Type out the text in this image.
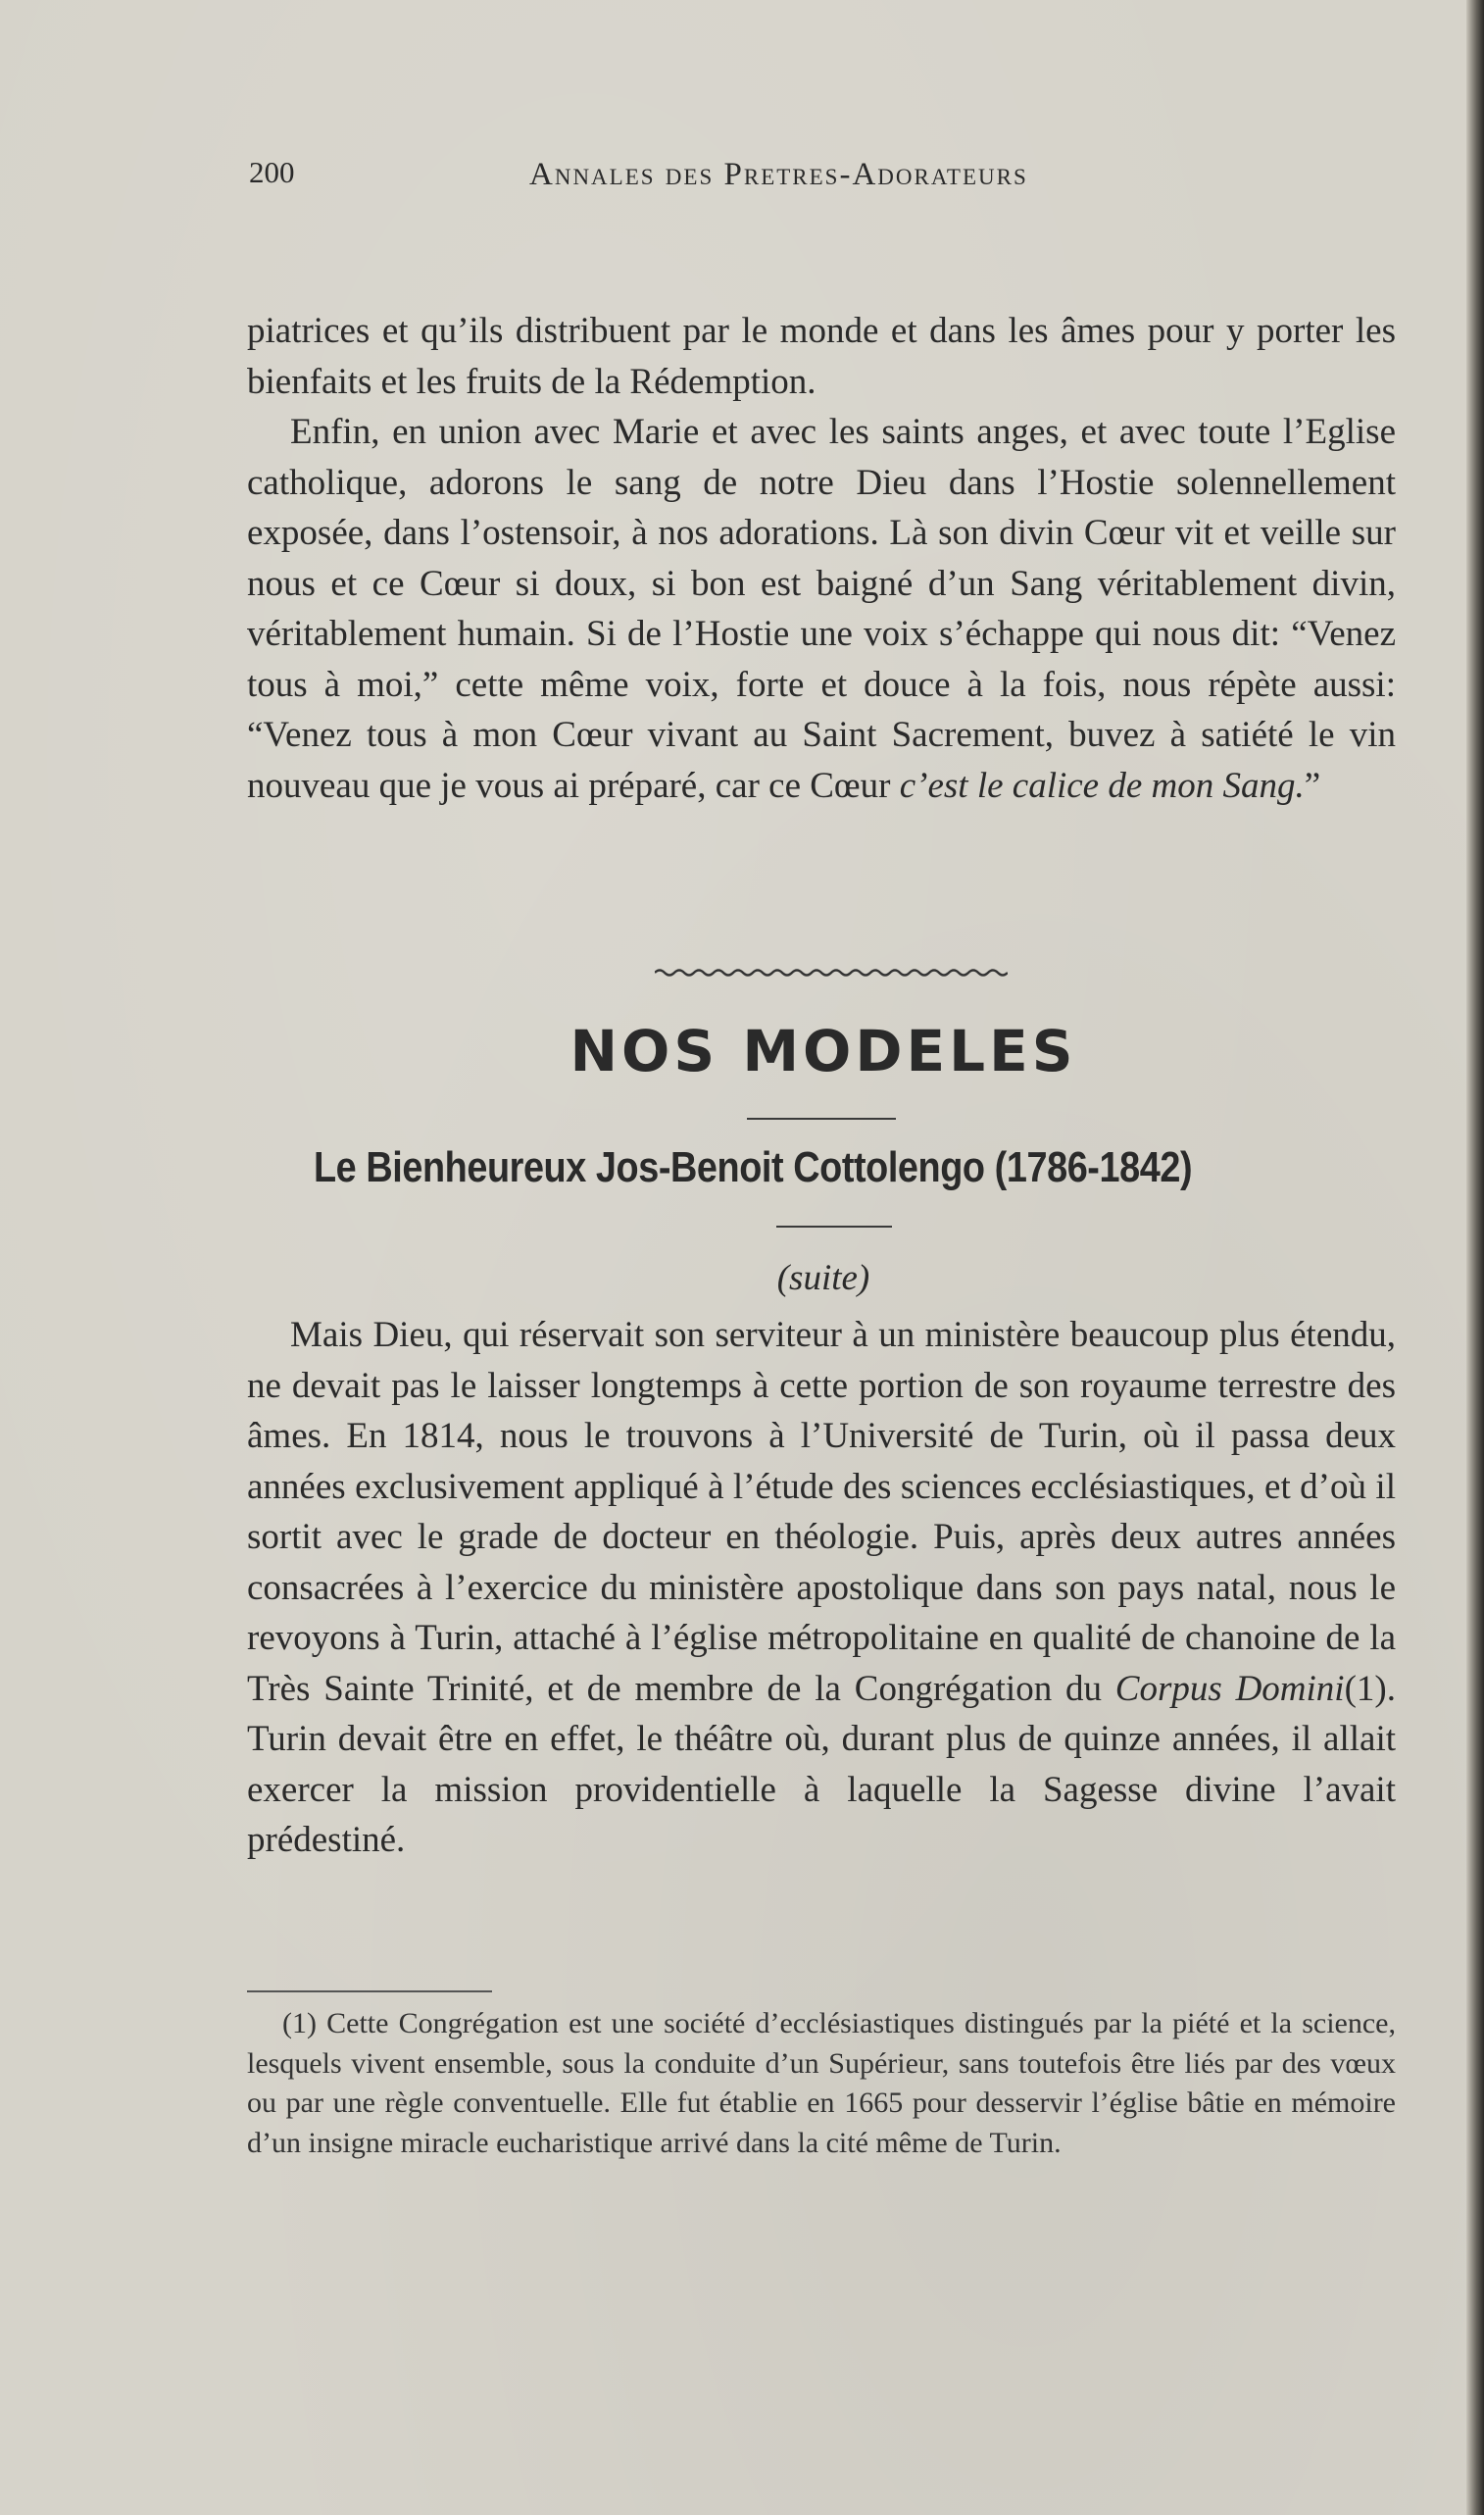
200	Annales des Pretres-Adorateurs

piatrices et qu’ils distribuent par le monde et dans les âmes pour y porter les bienfaits et les fruits de la Rédemption.

Enfin, en union avec Marie et avec les saints anges, et avec toute l’Eglise catholique, adorons le sang de notre Dieu dans l’Hostie solennellement exposée, dans l’ostensoir, à nos adorations. Là son divin Cœur vit et veille sur nous et ce Cœur si doux, si bon est baigné d’un Sang véritablement divin, véritablement humain. Si de l’Hostie une voix s’échappe qui nous dit: “Venez tous à moi,” cette même voix, forte et douce à la fois, nous répète aussi: “Venez tous à mon Cœur vivant au Saint Sacrement, buvez à satiété le vin nouveau que je vous ai préparé, car ce Cœur c’est le calice de mon Sang.”

NOS MODELES
Le Bienheureux Jos-Benoit Cottolengo (1786-1842)
(suite)

Mais Dieu, qui réservait son serviteur à un ministère beaucoup plus étendu, ne devait pas le laisser longtemps à cette portion de son royaume terrestre des âmes. En 1814, nous le trouvons à l’Université de Turin, où il passa deux années exclusivement appliqué à l’étude des sciences ecclésiastiques, et d’où il sortit avec le grade de docteur en théologie. Puis, après deux autres années consacrées à l’exercice du ministère apostolique dans son pays natal, nous le revoyons à Turin, attaché à l’église métropolitaine en qualité de chanoine de la Très Sainte Trinité, et de membre de la Congrégation du Corpus Domini(1). Turin devait être en effet, le théâtre où, durant plus de quinze années, il allait exercer la mission providentielle à laquelle la Sagesse divine l’avait prédestiné.

(1) Cette Congrégation est une société d’ecclésiastiques distingués par la piété et la science, lesquels vivent ensemble, sous la conduite d’un Supérieur, sans toutefois être liés par des vœux ou par une règle conventuelle. Elle fut établie en 1665 pour desservir l’église bâtie en mémoire d’un insigne miracle eucharistique arrivé dans la cité même de Turin.
